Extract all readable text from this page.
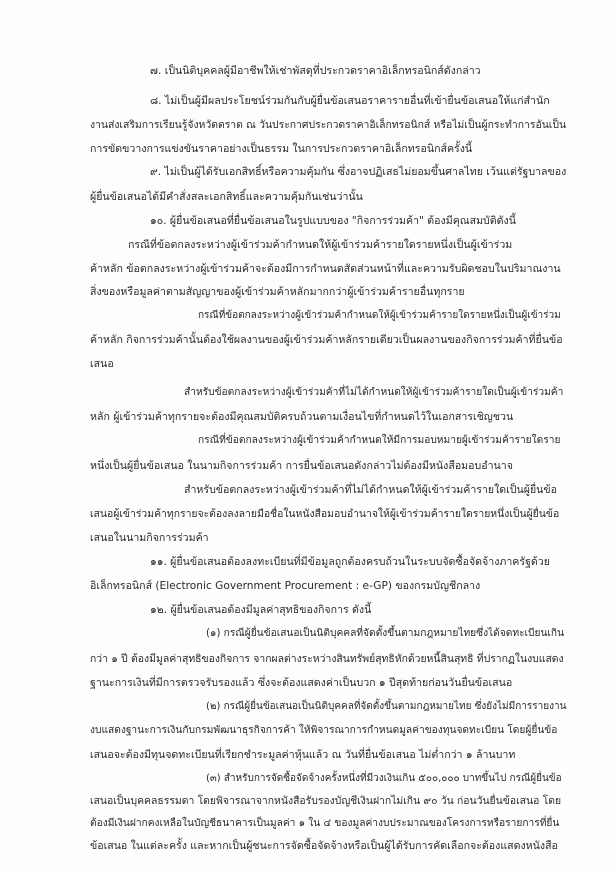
๗. เป็นนิติบุคคลผู้มีอาชีพให้เช่าพัสดุที่ประกวดราคาอิเล็กทรอนิกส์ดังกล่าว
๘. ไม่เป็นผู้มีผลประโยชน์ร่วมกันกับผู้ยื่นข้อเสนอราคารายอื่นที่เข้ายื่นข้อเสนอให้แก่สำนัก
งานส่งเสริมการเรียนรู้จังหวัดตราด ณ วันประกาศประกวดราคาอิเล็กทรอนิกส์ หรือไม่เป็นผู้กระทำการอันเป็น
การขัดขวางการแข่งขันราคาอย่างเป็นธรรม ในการประกวดราคาอิเล็กทรอนิกส์ครั้งนี้
๙. ไม่เป็นผู้ได้รับเอกสิทธิ์หรือความคุ้มกัน ซึ่งอาจปฏิเสธไม่ยอมขึ้นศาลไทย เว้นแต่รัฐบาลของ
ผู้ยื่นข้อเสนอได้มีคำสั่งสละเอกสิทธิ์และความคุ้มกันเช่นว่านั้น
๑๐. ผู้ยื่นข้อเสนอที่ยื่นข้อเสนอในรูปแบบของ "กิจการร่วมค้า" ต้องมีคุณสมบัติดังนี้
กรณีที่ข้อตกลงระหว่างผู้เข้าร่วมค้ากำหนดให้ผู้เข้าร่วมค้ารายใดรายหนึ่งเป็นผู้เข้าร่วม
ค้าหลัก ข้อตกลงระหว่างผู้เข้าร่วมค้าจะต้องมีการกำหนดสัดส่วนหน้าที่และความรับผิดชอบในปริมาณงาน
สิ่งของหรือมูลค่าตามสัญญาของผู้เข้าร่วมค้าหลักมากกว่าผู้เข้าร่วมค้ารายอื่นทุกราย
กรณีที่ข้อตกลงระหว่างผู้เข้าร่วมค้ากำหนดให้ผู้เข้าร่วมค้ารายใดรายหนึ่งเป็นผู้เข้าร่วม
ค้าหลัก กิจการร่วมค้านั้นต้องใช้ผลงานของผู้เข้าร่วมค้าหลักรายเดียวเป็นผลงานของกิจการร่วมค้าที่ยื่นข้อ
เสนอ
สำหรับข้อตกลงระหว่างผู้เข้าร่วมค้าที่ไม่ได้กำหนดให้ผู้เข้าร่วมค้ารายใดเป็นผู้เข้าร่วมค้า
หลัก ผู้เข้าร่วมค้าทุกรายจะต้องมีคุณสมบัติครบถ้วนตามเงื่อนไขที่กำหนดไว้ในเอกสารเชิญชวน
กรณีที่ข้อตกลงระหว่างผู้เข้าร่วมค้ากำหนดให้มีการมอบหมายผู้เข้าร่วมค้ารายใดราย
หนึ่งเป็นผู้ยื่นข้อเสนอ ในนามกิจการร่วมค้า การยื่นข้อเสนอดังกล่าวไม่ต้องมีหนังสือมอบอำนาจ
สำหรับข้อตกลงระหว่างผู้เข้าร่วมค้าที่ไม่ได้กำหนดให้ผู้เข้าร่วมค้ารายใดเป็นผู้ยื่นข้อ
เสนอผู้เข้าร่วมค้าทุกรายจะต้องลงลายมือชื่อในหนังสือมอบอำนาจให้ผู้เข้าร่วมค้ารายใดรายหนึ่งเป็นผู้ยื่นข้อ
เสนอในนามกิจการร่วมค้า
๑๑. ผู้ยื่นข้อเสนอต้องลงทะเบียนที่มีข้อมูลถูกต้องครบถ้วนในระบบจัดซื้อจัดจ้างภาครัฐด้วย
อิเล็กทรอนิกส์ (Electronic Government Procurement : e-GP) ของกรมบัญชีกลาง
๑๒. ผู้ยื่นข้อเสนอต้องมีมูลค่าสุทธิของกิจการ ดังนี้
(๑) กรณีผู้ยื่นข้อเสนอเป็นนิติบุคคลที่จัดตั้งขึ้นตามกฎหมายไทยซึ่งได้จดทะเบียนเกิน
กว่า ๑ ปี ต้องมีมูลค่าสุทธิของกิจการ จากผลต่างระหว่างสินทรัพย์สุทธิหักด้วยหนี้สินสุทธิ ที่ปรากฏในงบแสดง
ฐานะการเงินที่มีการตรวจรับรองแล้ว ซึ่งจะต้องแสดงค่าเป็นบวก ๑ ปีสุดท้ายก่อนวันยื่นข้อเสนอ
(๒) กรณีผู้ยื่นข้อเสนอเป็นนิติบุคคลที่จัดตั้งขึ้นตามกฎหมายไทย ซึ่งยังไม่มีการรายงาน
งบแสดงฐานะการเงินกับกรมพัฒนาธุรกิจการค้า ให้พิจารณาการกำหนดมูลค่าของทุนจดทะเบียน โดยผู้ยื่นข้อ
เสนอจะต้องมีทุนจดทะเบียนที่เรียกชำระมูลค่าหุ้นแล้ว ณ วันที่ยื่นข้อเสนอ ไม่ต่ำกว่า ๑ ล้านบาท
(๓) สำหรับการจัดซื้อจัดจ้างครั้งหนึ่งที่มีวงเงินเกิน ๕๐๐,๐๐๐ บาทขึ้นไป กรณีผู้ยื่นข้อ
เสนอเป็นบุคคลธรรมดา โดยพิจารณาจากหนังสือรับรองบัญชีเงินฝากไม่เกิน ๙๐ วัน ก่อนวันยื่นข้อเสนอ โดย
ต้องมีเงินฝากคงเหลือในบัญชีธนาคารเป็นมูลค่า ๑ ใน ๔ ของมูลค่างบประมาณของโครงการหรือรายการที่ยื่น
ข้อเสนอ ในแต่ละครั้ง และหากเป็นผู้ชนะการจัดซื้อจัดจ้างหรือเป็นผู้ได้รับการคัดเลือกจะต้องแสดงหนังสือ
